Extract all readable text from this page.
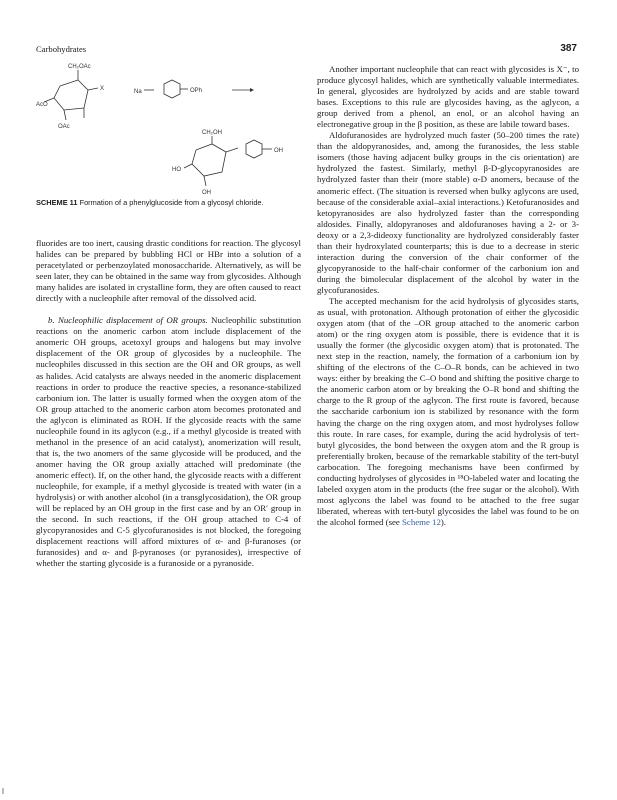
Carbohydrates	387
CH₂OAc
AcO
OAc
X	Na	OPh
CH₂OH
OH
HO
OH
SCHEME 11 Formation of a phenylglucoside from a glycosyl chloride.

fluorides are too inert, causing drastic conditions for reaction. The glycosyl halides can be prepared by bubbling HCl or HBr into a solution of a peracetylated or perbenzoylated monosaccharide. Alternatively, as will be seen later, they can be obtained in the same way from glycosides. Although many halides are isolated in crystalline form, they are often caused to react directly with a nucleophile after removal of the dissolved acid.

b. Nucleophilic displacement of OR groups. Nucleophilic substitution reactions on the anomeric carbon atom include displacement of the anomeric OH groups, acetoxyl groups and halogens but may involve displacement of the OR group of glycosides by a nucleophile. The nucleophiles discussed in this section are the OH and OR groups, as well as halides. Acid catalysts are always needed in the anomeric displacement reactions in order to produce the reactive species, a resonance-stabilized carbonium ion. The latter is usually formed when the oxygen atom of the OR group attached to the anomeric carbon atom becomes protonated and the aglycon is eliminated as ROH. If the glycoside reacts with the same nucleophile found in its aglycon (e.g., if a methyl glycoside is treated with methanol in the presence of an acid catalyst), anomerization will result, that is, the two anomers of the same glycoside will be produced, and the anomer having the OR group axially attached will predominate (the anomeric effect). If, on the other hand, the glycoside reacts with a different nucleophile, for example, if a methyl glycoside is treated with water (in a hydrolysis) or with another alcohol (in a transglycosidation), the OR group will be replaced by an OH group in the first case and by an OR′ group in the second. In such reactions, if the OH group attached to C-4 of glycopyranosides and C-5 glycofuranosides is not blocked, the foregoing displacement reactions will afford mixtures of α- and β-furanoses (or furanosides) and α- and β-pyranoses (or pyranosides), irrespective of whether the starting glycoside is a furanoside or a pyranoside.

Another important nucleophile that can react with glycosides is X⁻, to produce glycosyl halides, which are synthetically valuable intermediates. In general, glycosides are hydrolyzed by acids and are stable toward bases. Exceptions to this rule are glycosides having, as the aglycon, a group derived from a phenol, an enol, or an alcohol having an electronegative group in the β position, as these are labile toward bases.

Aldofuranosides are hydrolyzed much faster (50–200 times the rate) than the aldopyranosides, and, among the furanosides, the less stable isomers (those having adjacent bulky groups in the cis orientation) are hydrolyzed the fastest. Similarly, methyl β-D-glycopyranosides are hydrolyzed faster than their (more stable) α-D anomers, because of the anomeric effect. (The situation is reversed when bulky aglycons are used, because of the considerable axial–axial interactions.) Ketofuranosides and ketopyranosides are also hydrolyzed faster than the corresponding aldosides. Finally, aldopyranoses and aldofuranoses having a 2- or 3-deoxy or a 2,3-dideoxy functionality are hydrolyzed considerably faster than their hydroxylated counterparts; this is due to a decrease in steric interaction during the conversion of the chair conformer of the glycopyranoside to the half-chair conformer of the carbonium ion and during the bimolecular displacement of the alcohol by water in the glycofuranosides.

The accepted mechanism for the acid hydrolysis of glycosides starts, as usual, with protonation. Although protonation of either the glycosidic oxygen atom (that of the –OR group attached to the anomeric carbon atom) or the ring oxygen atom is possible, there is evidence that it is usually the former (the glycosidic oxygen atom) that is protonated. The next step in the reaction, namely, the formation of a carbonium ion by shifting of the electrons of the C–O–R bonds, can be achieved in two ways: either by breaking the C–O bond and shifting the positive charge to the anomeric carbon atom or by breaking the O–R bond and shifting the charge to the R group of the aglycon. The first route is favored, because the saccharide carbonium ion is stabilized by resonance with the form having the charge on the ring oxygen atom, and most hydrolyses follow this route. In rare cases, for example, during the acid hydrolysis of tert-butyl glycosides, the bond between the oxygen atom and the R group is preferentially broken, because of the remarkable stability of the tert-butyl carbocation. The foregoing mechanisms have been confirmed by conducting hydrolyses of glycosides in ¹⁸O-labeled water and locating the labeled oxygen atom in the products (the free sugar or the alcohol). With most aglycons the label was found to be attached to the free sugar liberated, whereas with tert-butyl glycosides the label was found to be on the alcohol formed (see Scheme 12).
